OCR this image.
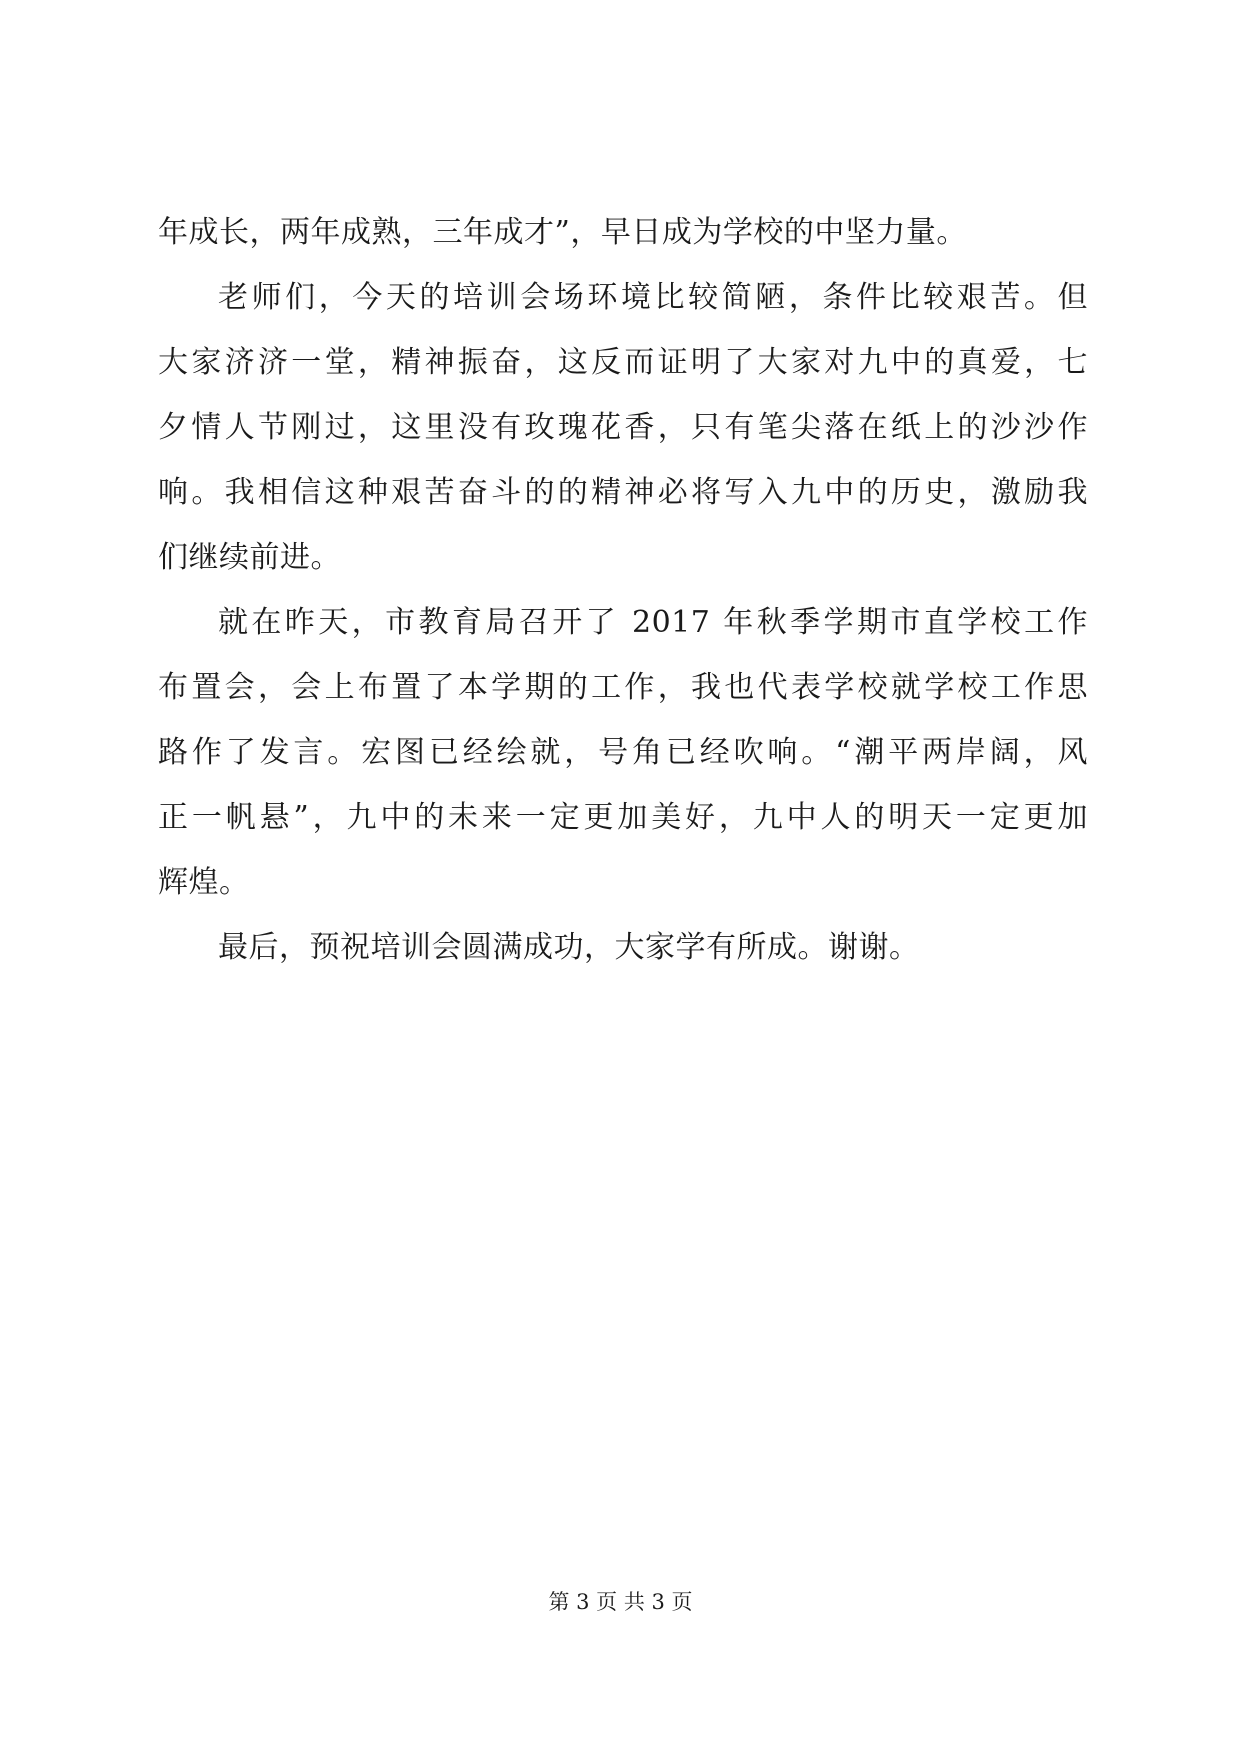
年成长，两年成熟，三年成才”，早日成为学校的中坚力量。
老师们，今天的培训会场环境比较简陋，条件比较艰苦。但
大家济济一堂，精神振奋，这反而证明了大家对九中的真爱，七
夕情人节刚过，这里没有玫瑰花香，只有笔尖落在纸上的沙沙作
响。我相信这种艰苦奋斗的的精神必将写入九中的历史，激励我
们继续前进。
就在昨天，市教育局召开了 2017 年秋季学期市直学校工作
布置会，会上布置了本学期的工作，我也代表学校就学校工作思
路作了发言。宏图已经绘就，号角已经吹响。“潮平两岸阔，风
正一帆悬”，九中的未来一定更加美好，九中人的明天一定更加
辉煌。
最后，预祝培训会圆满成功，大家学有所成。谢谢。
第 3 页 共 3 页
